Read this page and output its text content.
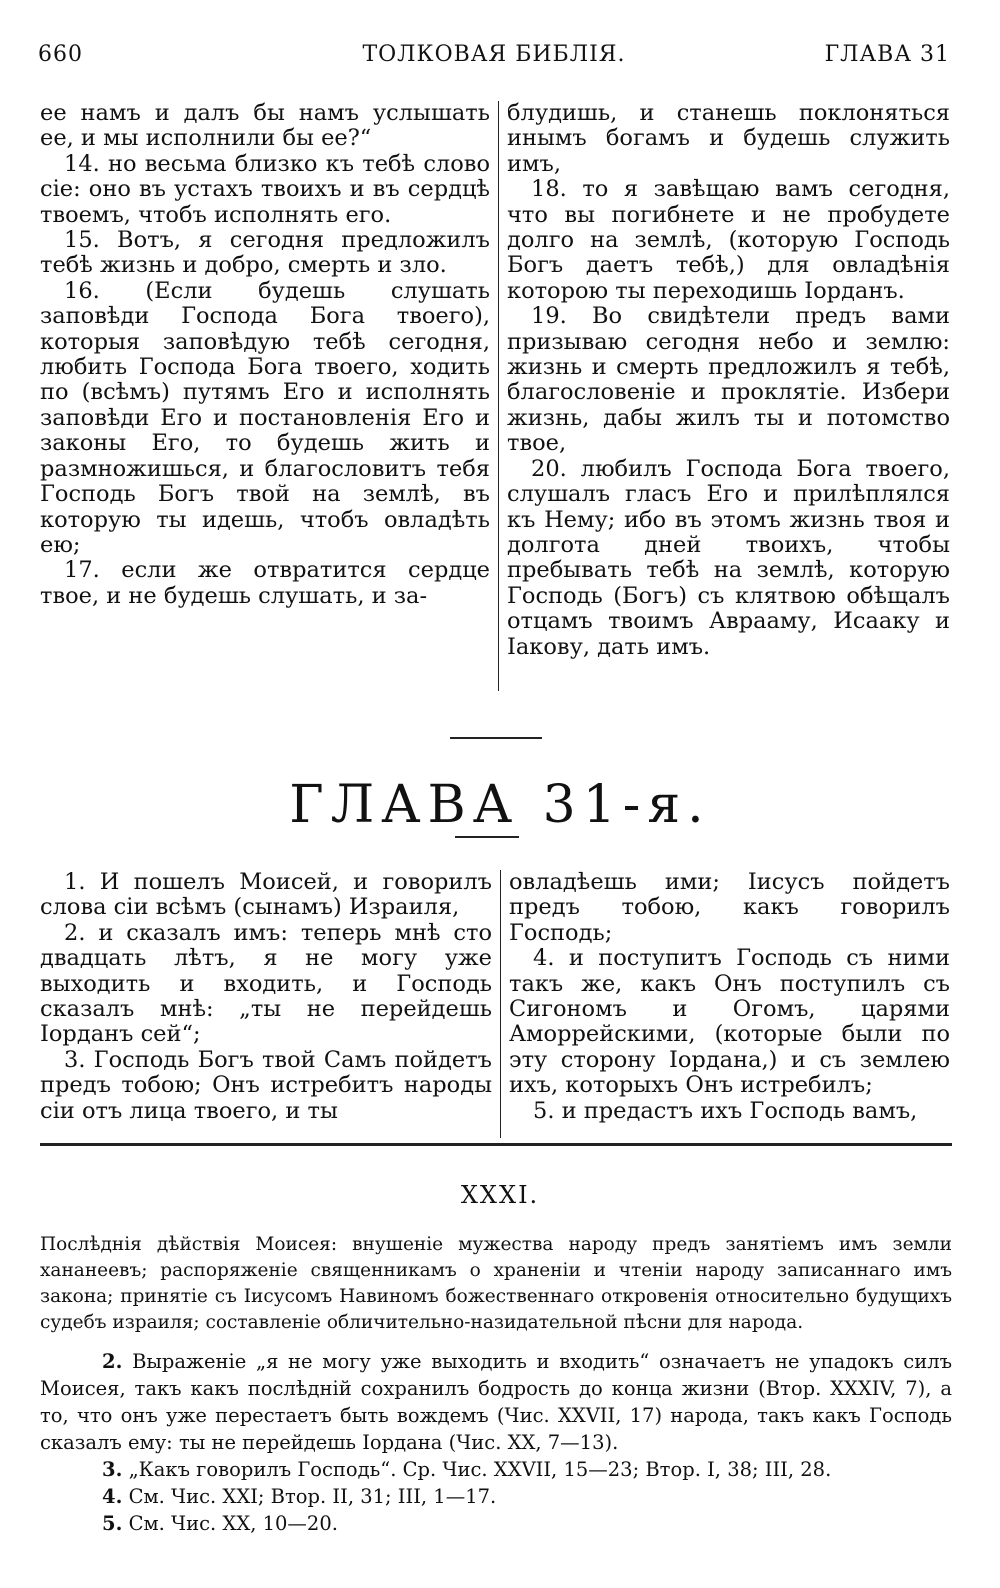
660	ТОЛКОВАЯ БИБЛІЯ.	ГЛАВА 31

ее намъ и далъ бы намъ услышать ее, и мы исполнили бы ее?“

14. но весьма близко къ тебѣ слово сіе: оно въ устахъ твоихъ и въ сердцѣ твоемъ, чтобъ исполнять его.

15. Вотъ, я сегодня предложилъ тебѣ жизнь и добро, смерть и зло.

16. (Если будешь слушать заповѣди Господа Бога твоего), которыя заповѣдую тебѣ сегодня, любить Господа Бога твоего, ходить по (всѣмъ) путямъ Его и исполнять заповѣди Его и постановленія Его и законы Его, то будешь жить и размножишься, и благословитъ тебя Господь Богъ твой на землѣ, въ которую ты идешь, чтобъ овладѣть ею;

17. если же отвратится сердце твое, и не будешь слушать, и за-

блудишь, и станешь поклоняться инымъ богамъ и будешь служить имъ,

18. то я завѣщаю вамъ сегодня, что вы погибнете и не пробудете долго на землѣ, (которую Господь Богъ даетъ тебѣ,) для овладѣнія которою ты переходишь Іорданъ.

19. Во свидѣтели предъ вами призываю сегодня небо и землю: жизнь и смерть предложилъ я тебѣ, благословеніе и проклятіе. Избери жизнь, дабы жилъ ты и потомство твое,

20. любилъ Господа Бога твоего, слушалъ гласъ Его и прилѣплялся къ Нему; ибо въ этомъ жизнь твоя и долгота дней твоихъ, чтобы пребывать тебѣ на землѣ, которую Господь (Богъ) съ клятвою обѣщалъ отцамъ твоимъ Аврааму, Исааку и Іакову, дать имъ.

ГЛАВА 31-я.

1. И пошелъ Моисей, и говорилъ слова сіи всѣмъ (сынамъ) Израиля,

2. и сказалъ имъ: теперь мнѣ сто двадцать лѣтъ, я не могу уже выходить и входить, и Господь сказалъ мнѣ: „ты не перейдешь Іорданъ сей“;

3. Господь Богъ твой Самъ пойдетъ предъ тобою; Онъ истребитъ народы сіи отъ лица твоего, и ты

овладѣешь ими; Іисусъ пойдетъ предъ тобою, какъ говорилъ Господь;

4. и поступитъ Господь съ ними такъ же, какъ Онъ поступилъ съ Сигономъ и Огомъ, царями Аморрейскими, (которые были по эту сторону Іордана,) и съ землею ихъ, которыхъ Онъ истребилъ;

5. и предастъ ихъ Господь вамъ,

XXXI.
Послѣднія дѣйствія Моисея: внушеніе мужества народу предъ занятіемъ имъ земли хананеевъ; распоряженіе священникамъ о храненіи и чтеніи народу записаннаго имъ закона; принятіе съ Іисусомъ Навиномъ божественнаго откровенія относительно будущихъ судебъ израиля; составленіе обличительно-назидательной пѣсни для народа.

2. Выраженіе „я не могу уже выходить и входить“ означаетъ не упадокъ силъ Моисея, такъ какъ послѣдній сохранилъ бодрость до конца жизни (Втор. XXXIV, 7), а то, что онъ уже перестаетъ быть вождемъ (Чис. XXVII, 17) народа, такъ какъ Господь сказалъ ему: ты не перейдешь Іордана (Чис. XX, 7—13).

3. „Какъ говорилъ Господь“. Ср. Чис. XXVII, 15—23; Втор. I, 38; III, 28.

4. См. Чис. XXI; Втор. II, 31; III, 1—17.

5. См. Чис. XX, 10—20.
